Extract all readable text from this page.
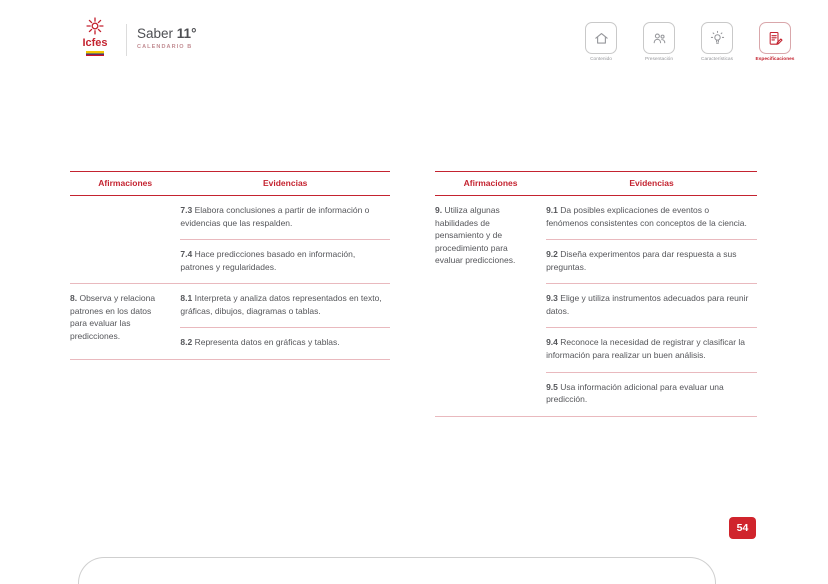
Icfes
Saber 11°
CALENDARIO B
Contenido	Presentación	Características	Especificaciones
Afirmaciones	Evidencias
	7.3 Elabora conclusiones a partir de información o evidencias que las respalden.
	7.4 Hace predicciones basado en información, patrones y regularidades.
8. Observa y relaciona patrones en los datos para evaluar las predicciones.	8.1 Interpreta y analiza datos representados en texto, gráficas, dibujos, diagramas o tablas.
	8.2 Representa datos en gráficas y tablas.
Afirmaciones	Evidencias
9. Utiliza algunas habilidades de pensamiento y de procedimiento para evaluar predicciones.	9.1 Da posibles explicaciones de eventos o fenómenos consistentes con conceptos de la ciencia.
	9.2 Diseña experimentos para dar respuesta a sus preguntas.
	9.3 Elige y utiliza instrumentos adecuados para reunir datos.
	9.4 Reconoce la necesidad de registrar y clasificar la información para realizar un buen análisis.
	9.5 Usa información adicional para evaluar una predicción.
54
